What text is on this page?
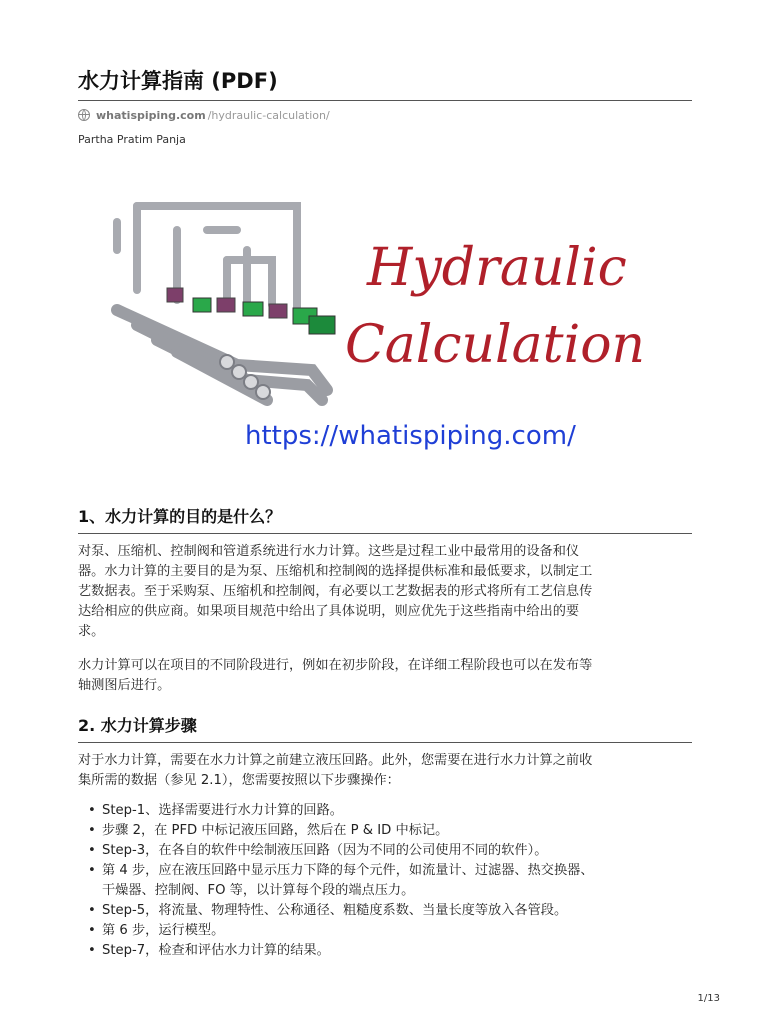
水力计算指南 (PDF)
whatispiping.com /hydraulic-calculation/
Partha Pratim Panja
Hydraulic
Calculation
https://whatispiping.com/
1、水力计算的目的是什么？

对泵、压缩机、控制阀和管道系统进行水力计算。这些是过程工业中最常用的设备和仪

器。水力计算的主要目的是为泵、压缩机和控制阀的选择提供标准和最低要求，以制定工

艺数据表。至于采购泵、压缩机和控制阀，有必要以工艺数据表的形式将所有工艺信息传

达给相应的供应商。如果项目规范中给出了具体说明，则应优先于这些指南中给出的要

求。

水力计算可以在项目的不同阶段进行，例如在初步阶段，在详细工程阶段也可以在发布等

轴测图后进行。

2. 水力计算步骤

对于水力计算，需要在水力计算之前建立液压回路。此外，您需要在进行水力计算之前收

集所需的数据（参见 2.1），您需要按照以下步骤操作：

• Step-1、选择需要进行水力计算的回路。
• 步骤 2，在 PFD 中标记液压回路，然后在 P & ID 中标记。
• Step-3，在各自的软件中绘制液压回路（因为不同的公司使用不同的软件）。
• 第 4 步，应在液压回路中显示压力下降的每个元件，如流量计、过滤器、热交换器、
干燥器、控制阀、FO 等，以计算每个段的端点压力。
• Step-5，将流量、物理特性、公称通径、粗糙度系数、当量长度等放入各管段。
• 第 6 步，运行模型。
• Step-7，检查和评估水力计算的结果。
1/13
